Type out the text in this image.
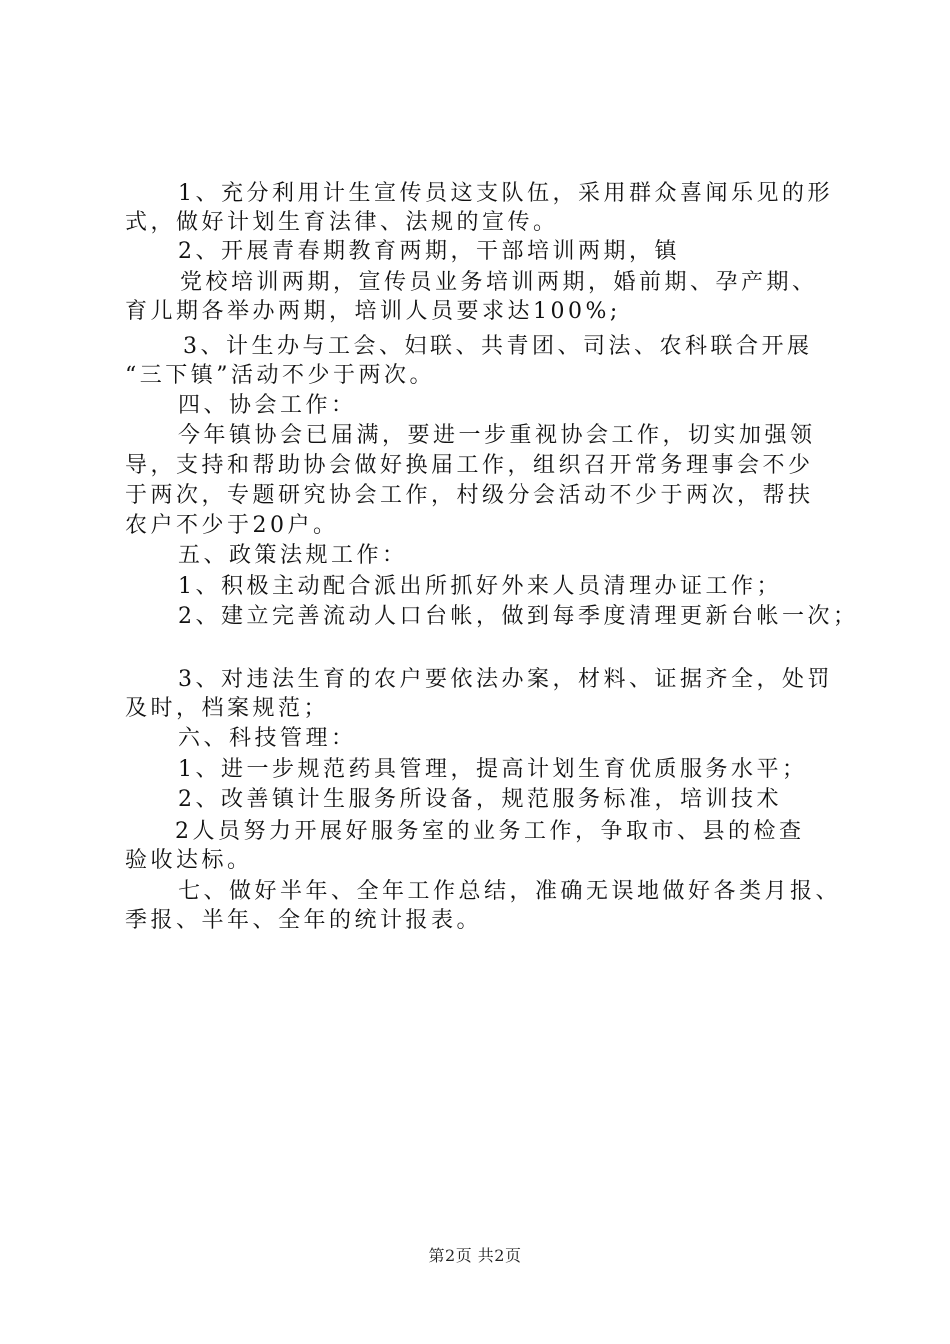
1、充分利用计生宣传员这支队伍，采用群众喜闻乐见的形
式，做好计划生育法律、法规的宣传。
2、开展青春期教育两期，干部培训两期，镇
党校培训两期，宣传员业务培训两期，婚前期、孕产期、
育儿期各举办两期，培训人员要求达100%;
3、计生办与工会、妇联、共青团、司法、农科联合开展
“三下镇”活动不少于两次。
四、协会工作：
今年镇协会已届满，要进一步重视协会工作，切实加强领
导，支持和帮助协会做好换届工作，组织召开常务理事会不少
于两次，专题研究协会工作，村级分会活动不少于两次，帮扶
农户不少于20户。
五、政策法规工作：
1、积极主动配合派出所抓好外来人员清理办证工作；
2、建立完善流动人口台帐，做到每季度清理更新台帐一次；
3、对违法生育的农户要依法办案，材料、证据齐全，处罚
及时，档案规范；
六、科技管理：
1、进一步规范药具管理，提高计划生育优质服务水平；
2、改善镇计生服务所设备，规范服务标准，培训技术
2人员努力开展好服务室的业务工作，争取市、县的检查
验收达标。
七、做好半年、全年工作总结，准确无误地做好各类月报、
季报、半年、全年的统计报表。
第2页 共2页
